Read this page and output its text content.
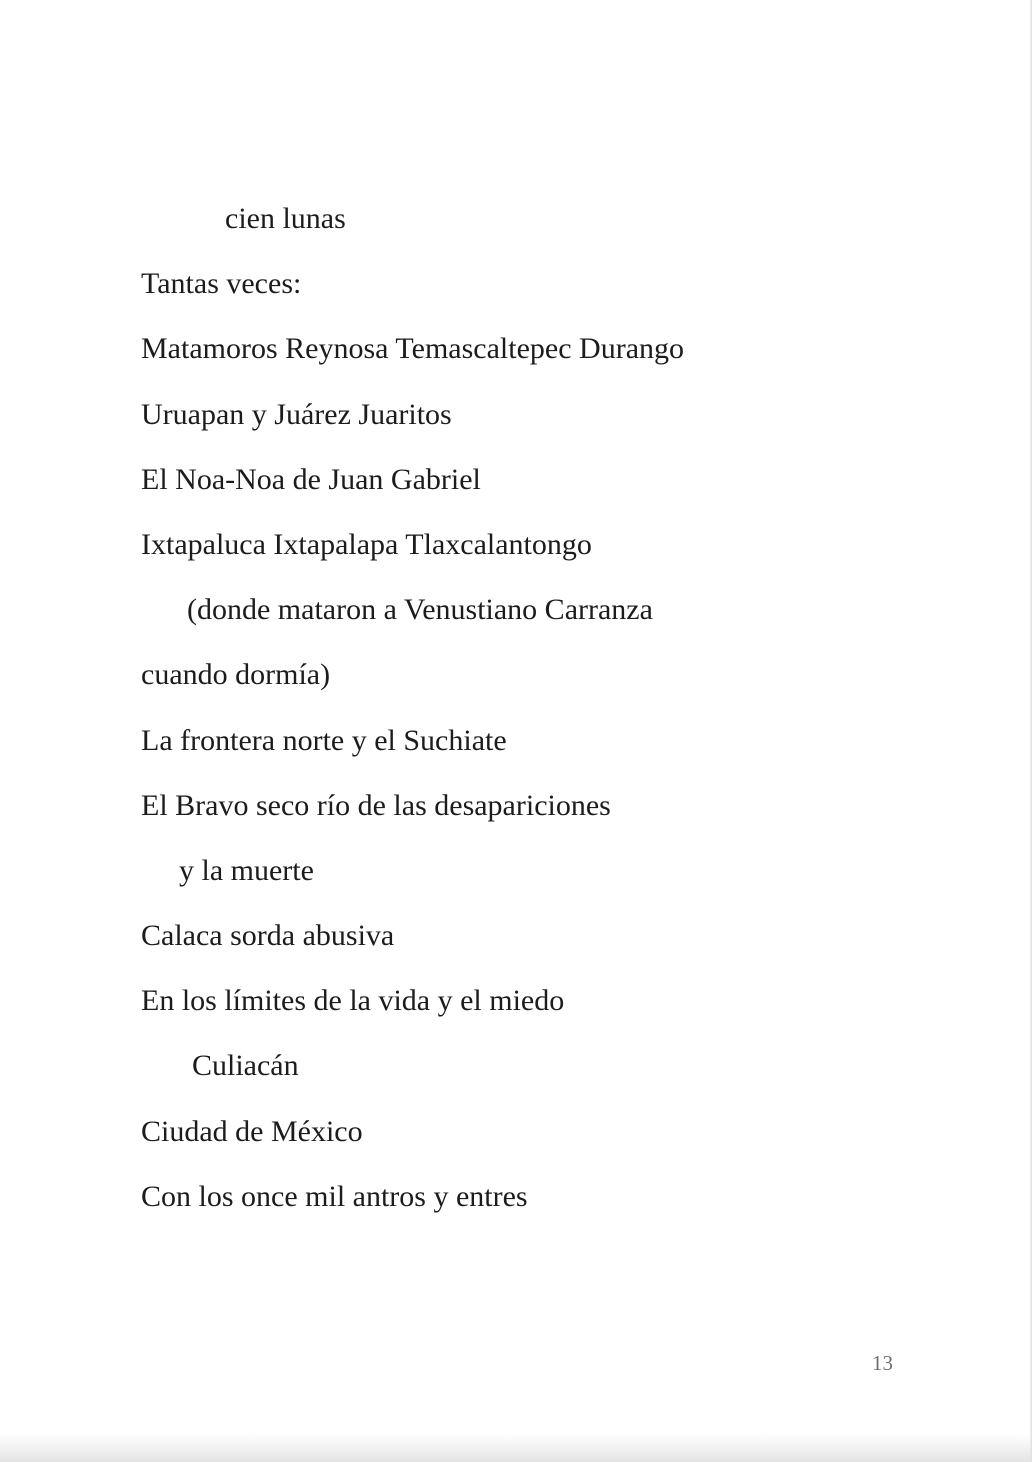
cien lunas
Tantas veces:
Matamoros Reynosa Temascaltepec Durango
Uruapan y Juárez Juaritos
El Noa-Noa de Juan Gabriel
Ixtapaluca Ixtapalapa Tlaxcalantongo
(donde mataron a Venustiano Carranza
cuando dormía)
La frontera norte y el Suchiate
El Bravo seco río de las desapariciones
y la muerte
Calaca sorda abusiva
En los límites de la vida y el miedo
Culiacán
Ciudad de México
Con los once mil antros y entres
13
